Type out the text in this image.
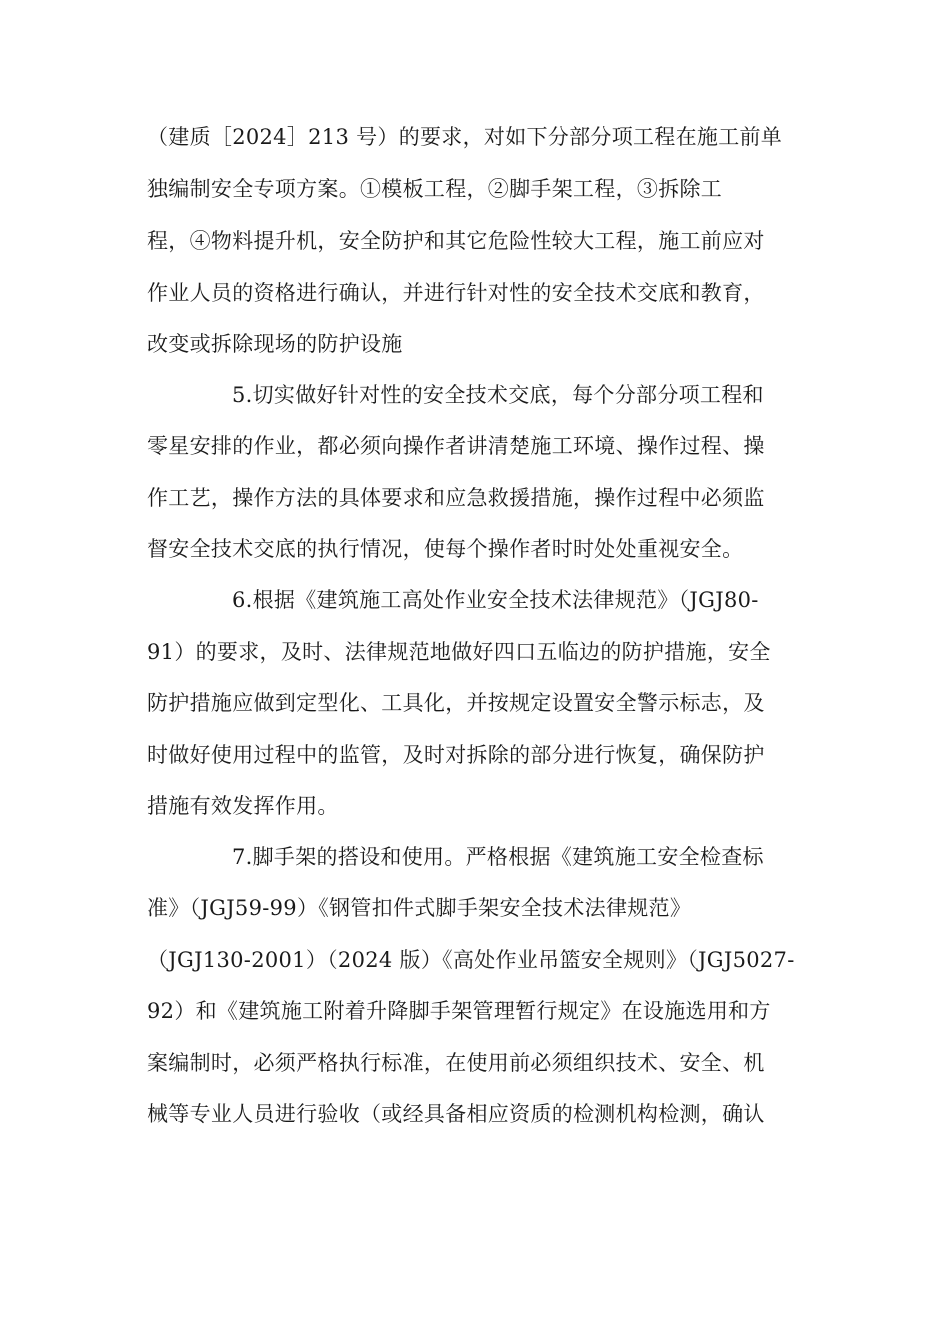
（建质［2024］213 号）的要求，对如下分部分项工程在施工前单
独编制安全专项方案。①模板工程，②脚手架工程，③拆除工
程，④物料提升机，安全防护和其它危险性较大工程，施工前应对
作业人员的资格进行确认，并进行针对性的安全技术交底和教育，
改变或拆除现场的防护设施
5.切实做好针对性的安全技术交底，每个分部分项工程和
零星安排的作业，都必须向操作者讲清楚施工环境、操作过程、操
作工艺，操作方法的具体要求和应急救援措施，操作过程中必须监
督安全技术交底的执行情况，使每个操作者时时处处重视安全。
6.根据《建筑施工高处作业安全技术法律规范》（JGJ80-
91）的要求，及时、法律规范地做好四口五临边的防护措施，安全
防护措施应做到定型化、工具化，并按规定设置安全警示标志，及
时做好使用过程中的监管，及时对拆除的部分进行恢复，确保防护
措施有效发挥作用。
7.脚手架的搭设和使用。严格根据《建筑施工安全检查标
准》（JGJ59-99）《钢管扣件式脚手架安全技术法律规范》
（JGJ130-2001）（2024 版）《高处作业吊篮安全规则》（JGJ5027-
92）和《建筑施工附着升降脚手架管理暂行规定》在设施选用和方
案编制时，必须严格执行标准，在使用前必须组织技术、安全、机
械等专业人员进行验收（或经具备相应资质的检测机构检测，确认
